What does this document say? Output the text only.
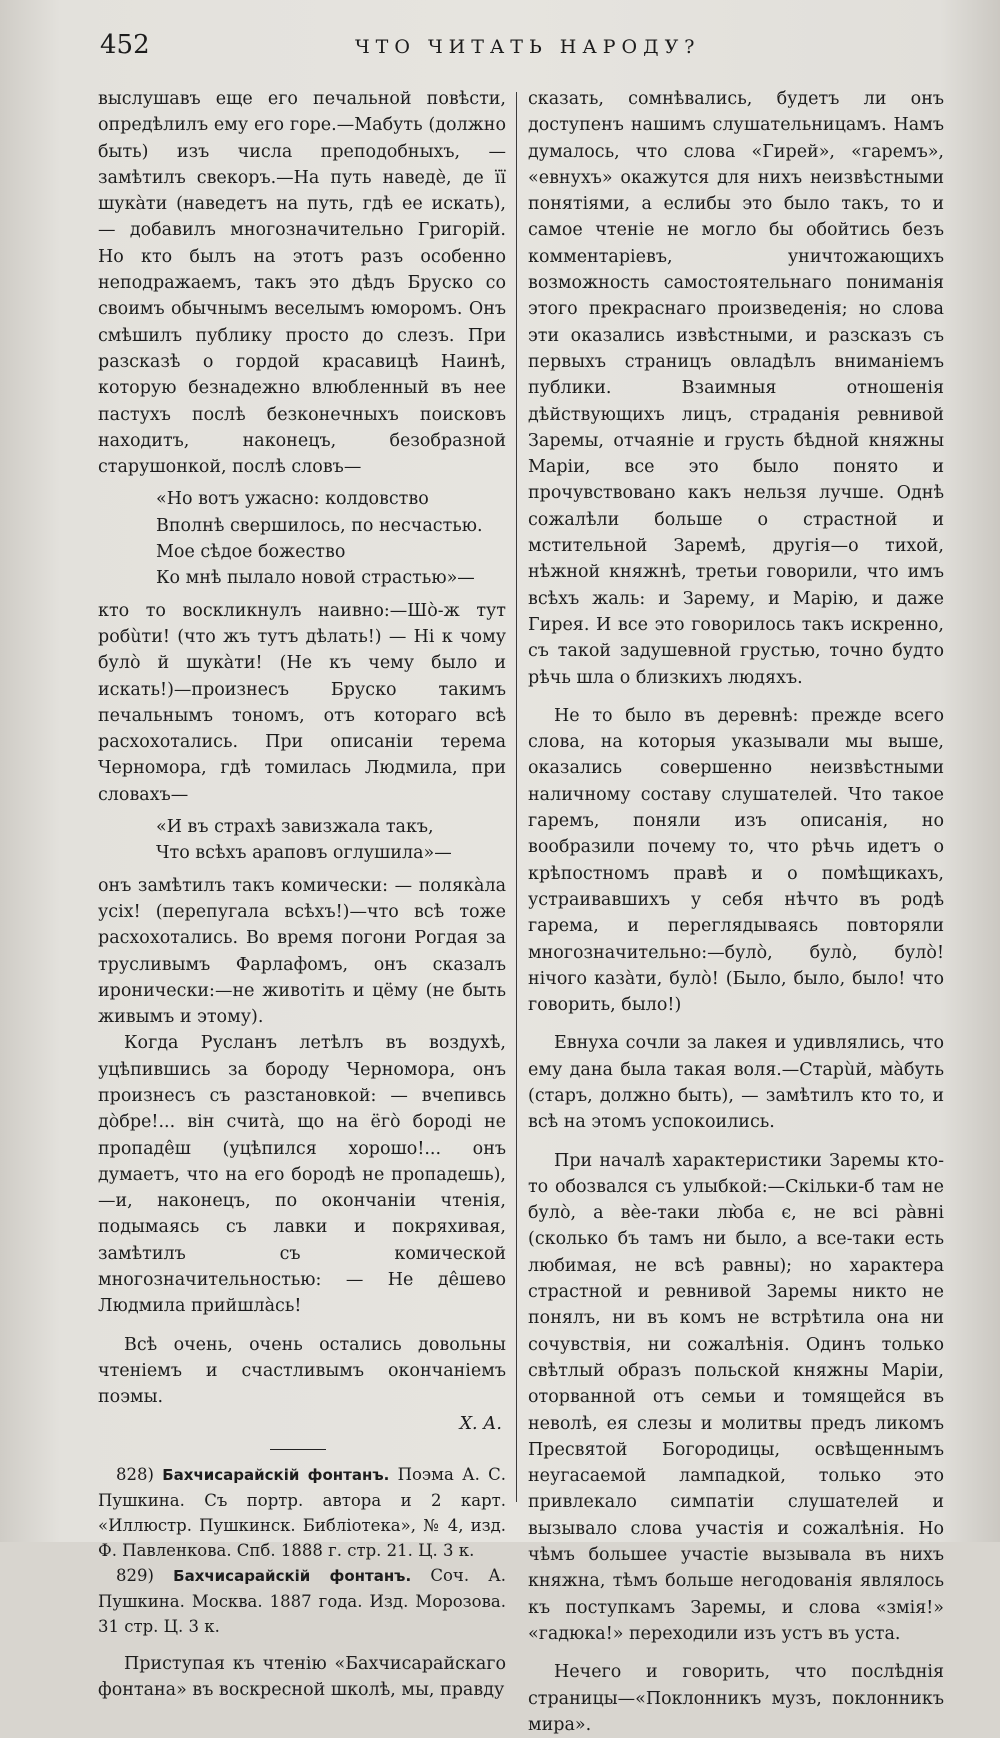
452	ЧТО ЧИТАТЬ НАРОДУ?

выслушавъ еще его печальной повѣсти, опредѣлилъ ему его горе.—Мабуть (должно быть) изъ числа преподобныхъ, — замѣтилъ свекоръ.—На путь наведѐ, де її шукàти (наведетъ на путь, гдѣ ее искать), — добавилъ многозначительно Григорій. Но кто былъ на этотъ разъ особенно неподражаемъ, такъ это дѣдъ Бруско со своимъ обычнымъ веселымъ юморомъ. Онъ смѣшилъ публику просто до слезъ. При разсказѣ о гордой красавицѣ Наинѣ, которую безнадежно влюбленный въ нее пастухъ послѣ безконечныхъ поисковъ находитъ, наконецъ, безобразной старушонкой, послѣ словъ—

«Но вотъ ужасно: колдовство
Вполнѣ свершилось, по несчастью.
Мое сѣдое божество
Ко мнѣ пылало новой страстью»—

кто то воскликнулъ наивно:—Шò-ж тут робùти! (что жъ тутъ дѣлать!) — Ні к чому булò й шукàти! (Не къ чему было и искать!)—произнесъ Бруско такимъ печальнымъ тономъ, отъ котораго всѣ расхохотались. При описаніи терема Черномора, гдѣ томилась Людмила, при словахъ—

«И въ страхѣ завизжала такъ,
Что всѣхъ араповъ оглушила»—

онъ замѣтилъ такъ комически: — полякàла усіх! (перепугала всѣхъ!)—что всѣ тоже расхохотались. Во время погони Рогдая за трусливымъ Фарлафомъ, онъ сказалъ иронически:—не животіть и цёму (не быть живымъ и этому).

Когда Русланъ летѣлъ въ воздухѣ, уцѣпившись за бороду Черномора, онъ произнесъ съ разстановкой: — вчепивсь дòбре!... він считà, що на ёгò бороді не пропадêш (уцѣпился хорошо!... онъ думаетъ, что на его бородѣ не пропадешь),—и, наконецъ, по окончаніи чтенія, подымаясь съ лавки и покряхивая, замѣтилъ съ комической многозначительностью: — Не дêшево Людмила прийшлàсь!

Всѣ очень, очень остались довольны чтеніемъ и счастливымъ окончаніемъ поэмы.

Х. А.

828) Бахчисарайскій фонтанъ. Поэма А. С. Пушкина. Съ портр. автора и 2 карт. «Иллюстр. Пушкинск. Библіотека», № 4, изд. Ф. Павленкова. Спб. 1888 г. стр. 21. Ц. 3 к.

829) Бахчисарайскій фонтанъ. Соч. А. Пушкина. Москва. 1887 года. Изд. Морозова. 31 стр. Ц. 3 к.

Приступая къ чтенію «Бахчисарайскаго фонтана» въ воскресной школѣ, мы, правду

сказать, сомнѣвались, будетъ ли онъ доступенъ нашимъ слушательницамъ. Намъ думалось, что слова «Гирей», «гаремъ», «евнухъ» окажутся для нихъ неизвѣстными понятіями, а еслибы это было такъ, то и самое чтеніе не могло бы обойтись безъ комментаріевъ, уничтожающихъ возможность самостоятельнаго пониманія этого прекраснаго произведенія; но слова эти оказались извѣстными, и разсказъ съ первыхъ страницъ овладѣлъ вниманіемъ публики. Взаимныя отношенія дѣйствующихъ лицъ, страданія ревнивой Заремы, отчаяніе и грусть бѣдной княжны Маріи, все это было понято и прочувствовано какъ нельзя лучше. Однѣ сожалѣли больше о страстной и мстительной Заремѣ, другія—о тихой, нѣжной княжнѣ, третьи говорили, что имъ всѣхъ жаль: и Зарему, и Марію, и даже Гирея. И все это говорилось такъ искренно, съ такой задушевной грустью, точно будто рѣчь шла о близкихъ людяхъ.

Не то было въ деревнѣ: прежде всего слова, на которыя указывали мы выше, оказались совершенно неизвѣстными наличному составу слушателей. Что такое гаремъ, поняли изъ описанія, но вообразили почему то, что рѣчь идетъ о крѣпостномъ правѣ и о помѣщикахъ, устраивавшихъ у себя нѣчто въ родѣ гарема, и переглядываясь повторяли многозначительно:—булò, булò, булò! нічого казàти, булò! (Было, было, было! что говорить, было!)

Евнуха сочли за лакея и удивлялись, что ему дана была такая воля.—Старùй, мàбуть (старъ, должно быть), — замѣтилъ кто то, и всѣ на этомъ успокоились.

При началѣ характеристики Заремы кто-то обозвался съ улыбкой:—Скільки-б там не булò, а вѐе-таки лю̀ба є, не всі рàвні (сколько бъ тамъ ни было, а все-таки есть любимая, не всѣ равны); но характера страстной и ревнивой Заремы никто не понялъ, ни въ комъ не встрѣтила она ни сочувствія, ни сожалѣнія. Одинъ только свѣтлый образъ польской княжны Маріи, оторванной отъ семьи и томящейся въ неволѣ, ея слезы и молитвы предъ ликомъ Пресвятой Богородицы, освѣщеннымъ неугасаемой лампадкой, только это привлекало симпатіи слушателей и вызывало слова участія и сожалѣнія. Но чѣмъ большее участіе вызывала въ нихъ княжна, тѣмъ больше негодованія являлось къ поступкамъ Заремы, и слова «змія!» «гадюка!» переходили изъ устъ въ уста.

Нечего и говорить, что послѣднія страницы—«Поклонникъ музъ, поклонникъ мира».
